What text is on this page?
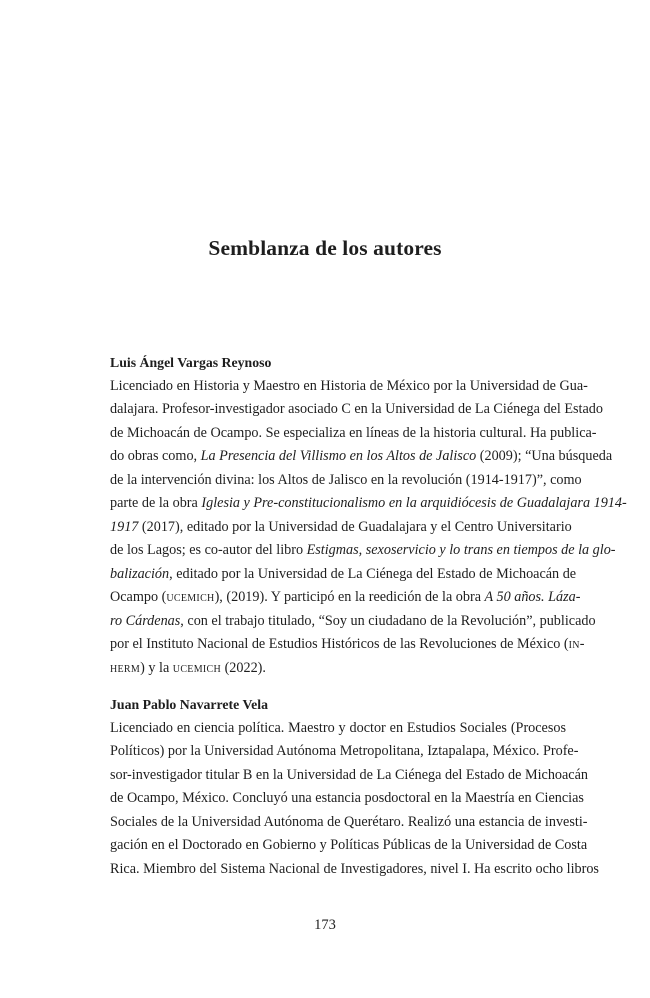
Semblanza de los autores
Luis Ángel Vargas Reynoso
Licenciado en Historia y Maestro en Historia de México por la Universidad de Gua-
dalajara. Profesor-investigador asociado C en la Universidad de La Ciénega del Estado
de Michoacán de Ocampo. Se especializa en líneas de la historia cultural. Ha publica-
do obras como, La Presencia del Villismo en los Altos de Jalisco (2009); “Una búsqueda
de la intervención divina: los Altos de Jalisco en la revolución (1914-1917)”, como
parte de la obra Iglesia y Pre-constitucionalismo en la arquidiócesis de Guadalajara 1914-
1917 (2017), editado por la Universidad de Guadalajara y el Centro Universitario
de los Lagos; es co-autor del libro Estigmas, sexoservicio y lo trans en tiempos de la glo-
balización, editado por la Universidad de La Ciénega del Estado de Michoacán de
Ocampo (ucemich), (2019). Y participó en la reedición de la obra A 50 años. Láza-
ro Cárdenas, con el trabajo titulado, “Soy un ciudadano de la Revolución”, publicado
por el Instituto Nacional de Estudios Históricos de las Revoluciones de México (in-
herm) y la ucemich (2022).
Juan Pablo Navarrete Vela
Licenciado en ciencia política. Maestro y doctor en Estudios Sociales (Procesos
Políticos) por la Universidad Autónoma Metropolitana, Iztapalapa, México. Profe-
sor-investigador titular B en la Universidad de La Ciénega del Estado de Michoacán
de Ocampo, México. Concluyó una estancia posdoctoral en la Maestría en Ciencias
Sociales de la Universidad Autónoma de Querétaro. Realizó una estancia de investi-
gación en el Doctorado en Gobierno y Políticas Públicas de la Universidad de Costa
Rica. Miembro del Sistema Nacional de Investigadores, nivel I. Ha escrito ocho libros
173
